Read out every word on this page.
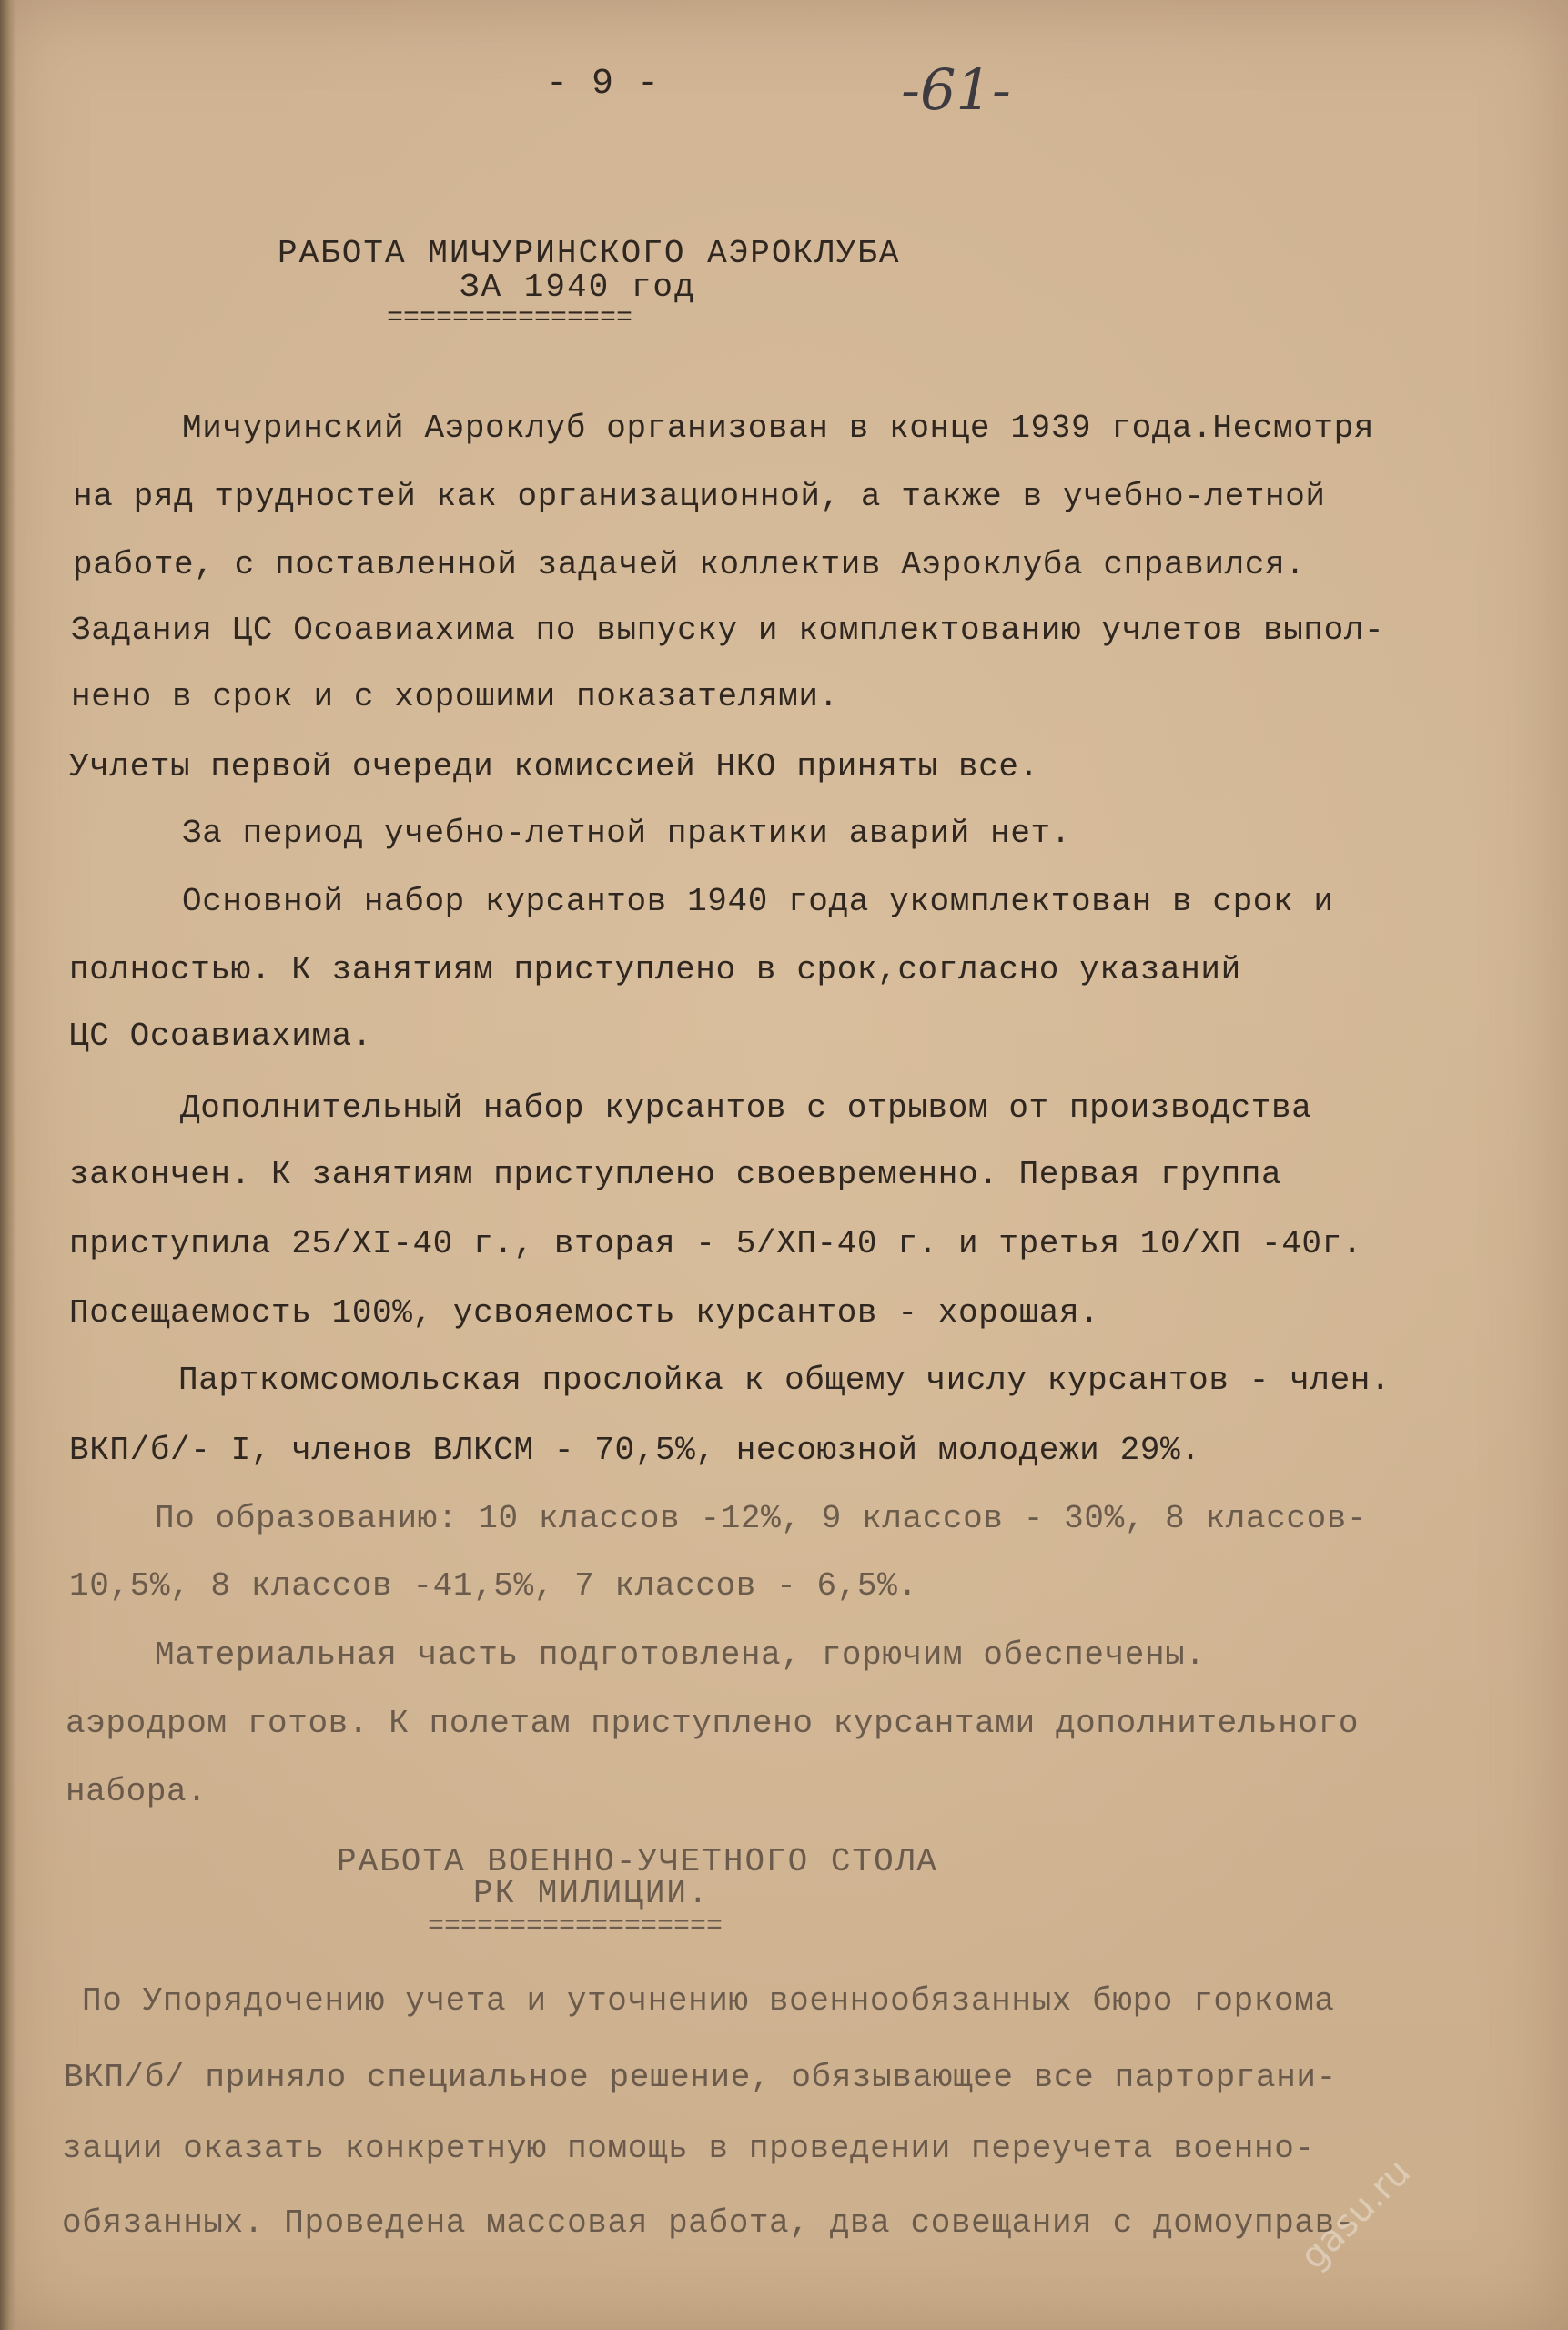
- 9 -	-61-
РАБОТА МИЧУРИНСКОГО АЭРОКЛУБА
ЗА 1940 год
===============
Мичуринский Аэроклуб организован в конце 1939 года.Несмотря
на ряд трудностей как организационной, а также в учебно-летной
работе, с поставленной задачей коллектив Аэроклуба справился.
Задания ЦС Осоавиахима по выпуску и комплектованию учлетов выпол-
нено в срок и с хорошими показателями.
Учлеты первой очереди комиссией НКО приняты все.
За период учебно-летной практики аварий нет.
Основной набор курсантов 1940 года укомплектован в срок и
полностью. К занятиям приступлено в срок,согласно указаний
ЦС Осоавиахима.
Дополнительный набор курсантов с отрывом от производства
закончен. К занятиям приступлено своевременно. Первая группа
приступила 25/ХI-40 г., вторая - 5/ХП-40 г. и третья 10/ХП -40г.
Посещаемость 100%, усвояемость курсантов - хорошая.
Парткомсомольская прослойка к общему числу курсантов - член.
ВКП/б/- I, членов ВЛКСМ - 70,5%, несоюзной молодежи 29%.
По образованию: 10 классов -12%, 9 классов - 30%, 8 классов-
10,5%, 8 классов -41,5%, 7 классов - 6,5%.
Материальная часть подготовлена, горючим обеспечены.
аэродром готов. К полетам приступлено курсантами дополнительного
набора.
РАБОТА ВОЕННО-УЧЕТНОГО СТОЛА
РК МИЛИЦИИ.
==================
По Упорядочению учета и уточнению военнообязанных бюро горкома
ВКП/б/ приняло специальное решение, обязывающее все парторгани-
зации оказать конкретную помощь в проведении переучета военно-
обязанных. Проведена массовая работа, два совещания с домоуправ-
gasu.ru
